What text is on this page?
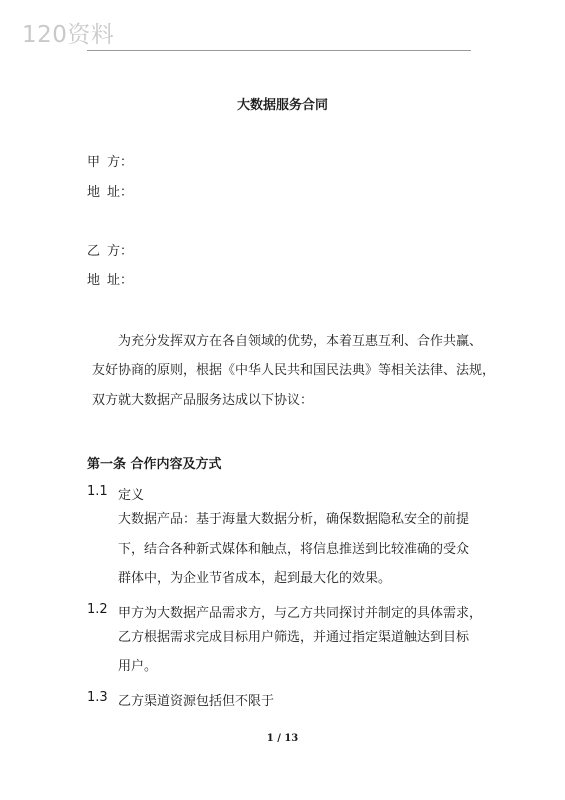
120资料
大数据服务合同
甲 方：
地 址：
乙 方：
地 址：
为充分发挥双方在各自领域的优势，本着互惠互利、合作共赢、
友好协商的原则，根据《中华人民共和国民法典》等相关法律、法规，
双方就大数据产品服务达成以下协议：
第一条 合作内容及方式
1.1 定义
大数据产品：基于海量大数据分析，确保数据隐私安全的前提
下，结合各种新式媒体和触点，将信息推送到比较准确的受众
群体中，为企业节省成本，起到最大化的效果。
1.2 甲方为大数据产品需求方，与乙方共同探讨并制定的具体需求，
乙方根据需求完成目标用户筛选，并通过指定渠道触达到目标
用户。
1.3 乙方渠道资源包括但不限于
1 / 13
